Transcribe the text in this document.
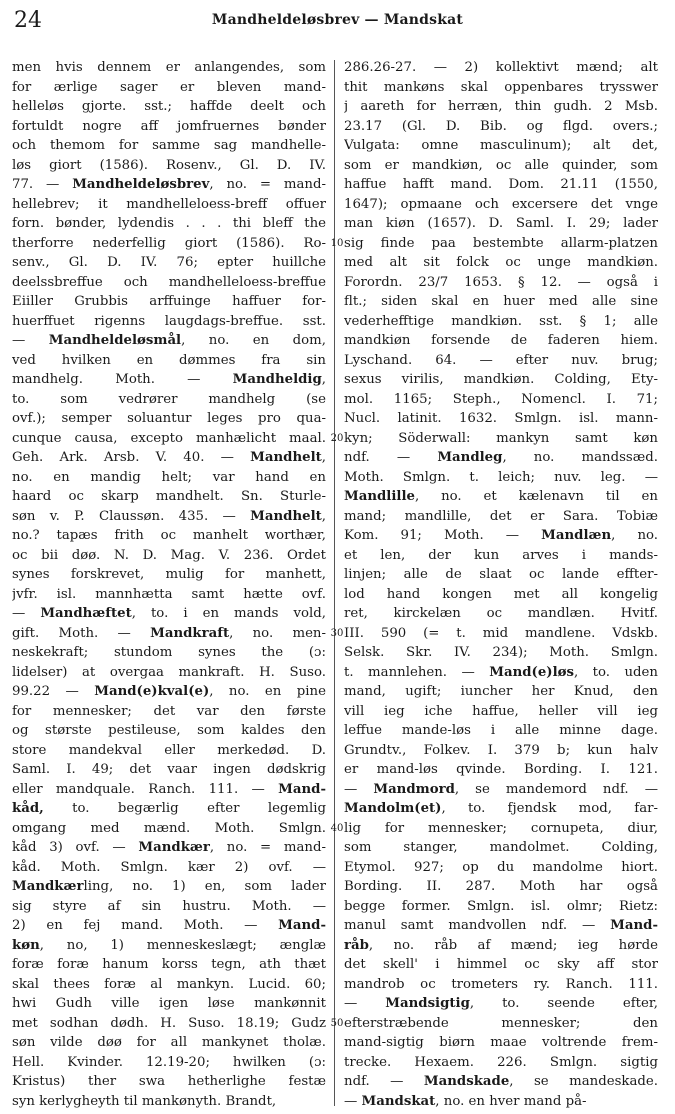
24	Mandheldeløsbrev — Mandskat
men hvis dennem er anlangendes, som
for ærlige sager er bleven mand-
helleløs gjorte. sst.; haffde deelt och
fortuldt nogre aff jomfruernes bønder
och themom for samme sag mandhelle-
løs giort (1586). Rosenv., Gl. D. IV.
77. — Mandheldeløsbrev, no. = mand-
hellebrev; it mandhelleloess-breff offuer
forn. bønder, lydendis . . . thi bleff the
therforre nederfellig giort (1586). Ro-
senv., Gl. D. IV. 76; epter huillche
deelssbreffue och mandhelleloess-breffue
Eiiller Grubbis arffuinge haffuer for-
huerffuet rigenns laugdags-breffue. sst.
— Mandheldeløsmål, no. en dom,
ved hvilken en dømmes fra sin
mandhelg. Moth. — Mandheldig,
to. som vedrører mandhelg (se
ovf.); semper soluantur leges pro qua-
cunque causa, excepto manhælicht maal.
Geh. Ark. Arsb. V. 40. — Mandhelt,
no. en mandig helt; var hand en
haard oc skarp mandhelt. Sn. Sturle-
søn v. P. Claussøn. 435. — Mandhelt,
no.? tapæs frith oc manhelt worthær,
oc bii døø. N. D. Mag. V. 236. Ordet
synes forskrevet, mulig for manhett,
jvfr. isl. mannhætta samt hætte ovf.
— Mandhæftet, to. i en mands vold,
gift. Moth. — Mandkraft, no. men-
neskekraft; stundom synes the (ɔ:
lidelser) at overgaa mankraft. H. Suso.
99.22 — Mand(e)kval(e), no. en pine
for mennesker; det var den første
og største pestileuse, som kaldes den
store mandekval eller merkedød. D.
Saml. I. 49; det vaar ingen dødskrig
eller mandquale. Ranch. 111. — Mand-
kåd, to. begærlig efter legemlig
omgang med mænd. Moth. Smlgn.
kåd 3) ovf. — Mandkær, no. = mand-
kåd. Moth. Smlgn. kær 2) ovf. —
Mandkærling, no. 1) en, som lader
sig styre af sin hustru. Moth. —
2) en fej mand. Moth. — Mand-
køn, no, 1) menneskeslægt; ænglæ
foræ foræ hanum korss tegn, ath thæt
skal thees foræ al mankyn. Lucid. 60;
hwi Gudh ville igen løse mankønnit
met sodhan dødh. H. Suso. 18.19; Gudz
søn vilde døø for all mankynet tholæ.
Hell. Kvinder. 12.19-20; hwilken (ɔ:
Kristus) ther swa hetherlighe festæ
syn kerlygheyth til mankønyth. Brandt,
10
20
30
40
50
286.26-27. — 2) kollektivt mænd; alt
thit mankøns skal oppenbares trysswer
j aareth for herræn, thin gudh. 2 Msb.
23.17 (Gl. D. Bib. og flgd. overs.;
Vulgata: omne masculinum); alt det,
som er mandkiøn, oc alle quinder, som
haffue hafft mand. Dom. 21.11 (1550,
1647); opmaane och excersere det vnge
man kiøn (1657). D. Saml. I. 29; lader
sig finde paa bestembte allarm-platzen
med alt sit folck oc unge mandkiøn.
Forordn. 23/7 1653. § 12. — også i
flt.; siden skal en huer med alle sine
vederhefftige mandkiøn. sst. § 1; alle
mandkiøn forsende de faderen hiem.
Lyschand. 64. — efter nuv. brug;
sexus virilis, mandkiøn. Colding, Ety-
mol. 1165; Steph., Nomencl. I. 71;
Nucl. latinit. 1632. Smlgn. isl. mann-
kyn; Söderwall: mankyn samt køn
ndf. — Mandleg, no. mandssæd.
Moth. Smlgn. t. leich; nuv. leg. —
Mandlille, no. et kælenavn til en
mand; mandlille, det er Sara. Tobiæ
Kom. 91; Moth. — Mandlæn, no.
et len, der kun arves i mands-
linjen; alle de slaat oc lande effter-
lod hand kongen met all kongelig
ret, kirckelæn oc mandlæn. Hvitf.
III. 590 (= t. mid mandlene. Vdskb.
Selsk. Skr. IV. 234); Moth. Smlgn.
t. mannlehen. — Mand(e)løs, to. uden
mand, ugift; iuncher her Knud, den
vill ieg iche haffue, heller vill ieg
leffue mande-løs i alle minne dage.
Grundtv., Folkev. I. 379 b; kun halv
er mand-løs qvinde. Bording. I. 121.
— Mandmord, se mandemord ndf. —
Mandolm(et), to. fjendsk mod, far-
lig for mennesker; cornupeta, diur,
som stanger, mandolmet. Colding,
Etymol. 927; op du mandolme hiort.
Bording. II. 287. Moth har også
begge former. Smlgn. isl. olmr; Rietz:
manul samt mandvollen ndf. — Mand-
råb, no. råb af mænd; ieg hørde
det skell' i himmel oc sky aff stor
mandrob oc trometers ry. Ranch. 111.
— Mandsigtig, to. seende efter,
efterstræbende mennesker; den
mand-sigtig biørn maae voltrende frem-
trecke. Hexaem. 226. Smlgn. sigtig
ndf. — Mandskade, se mandeskade.
— Mandskat, no. en hver mand på-
